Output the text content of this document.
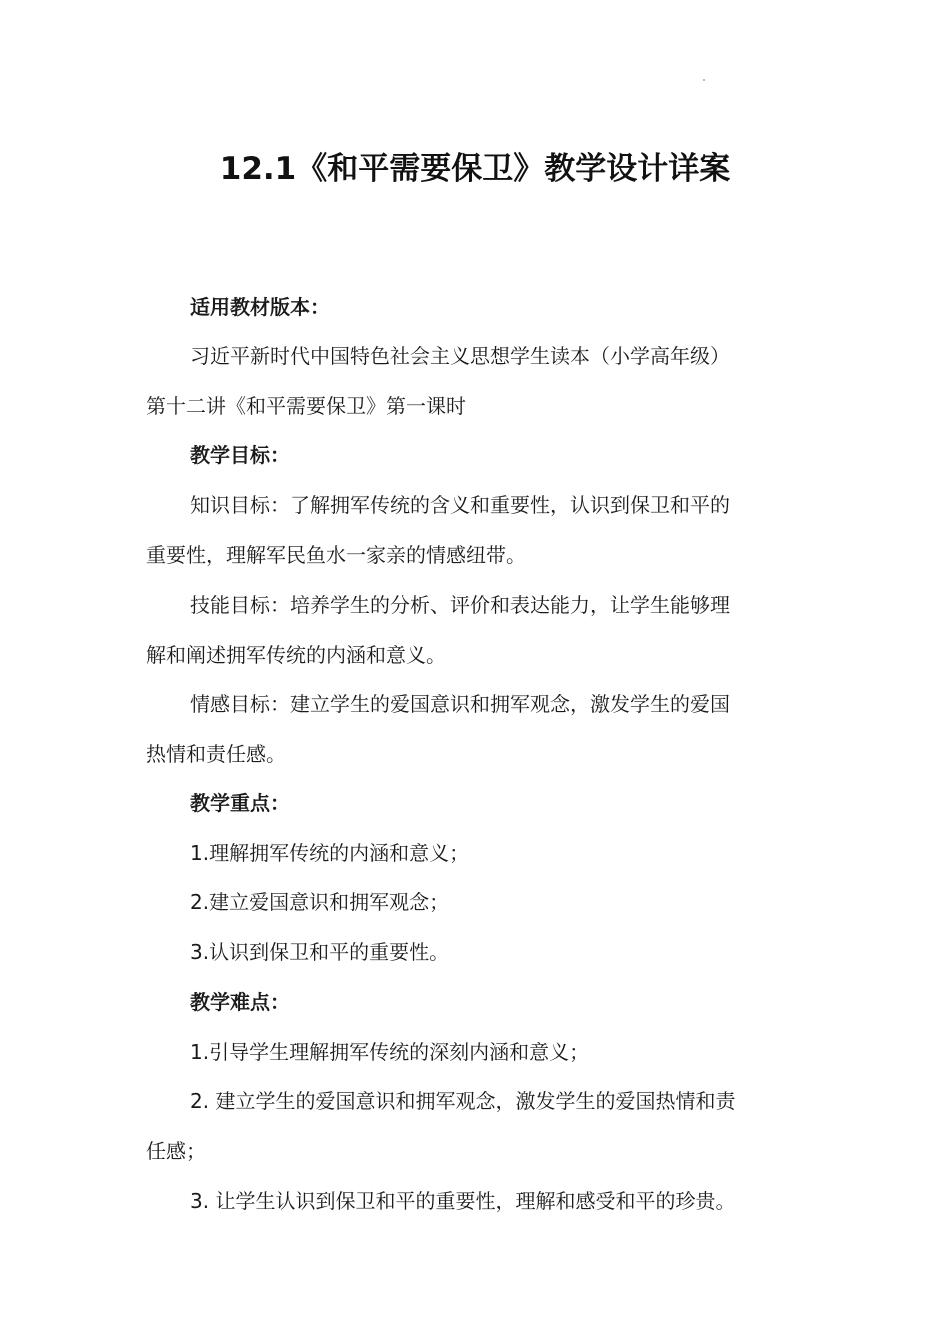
12.1《和平需要保卫》教学设计详案

适用教材版本：

习近平新时代中国特色社会主义思想学生读本（小学高年级）

第十二讲《和平需要保卫》第一课时

教学目标：

知识目标：了解拥军传统的含义和重要性，认识到保卫和平的

重要性，理解军民鱼水一家亲的情感纽带。

技能目标：培养学生的分析、评价和表达能力，让学生能够理

解和阐述拥军传统的内涵和意义。

情感目标：建立学生的爱国意识和拥军观念，激发学生的爱国

热情和责任感。

教学重点：

1.理解拥军传统的内涵和意义；

2.建立爱国意识和拥军观念；

3.认识到保卫和平的重要性。

教学难点：

1.引导学生理解拥军传统的深刻内涵和意义；

2. 建立学生的爱国意识和拥军观念，激发学生的爱国热情和责

任感；

3. 让学生认识到保卫和平的重要性，理解和感受和平的珍贵。
